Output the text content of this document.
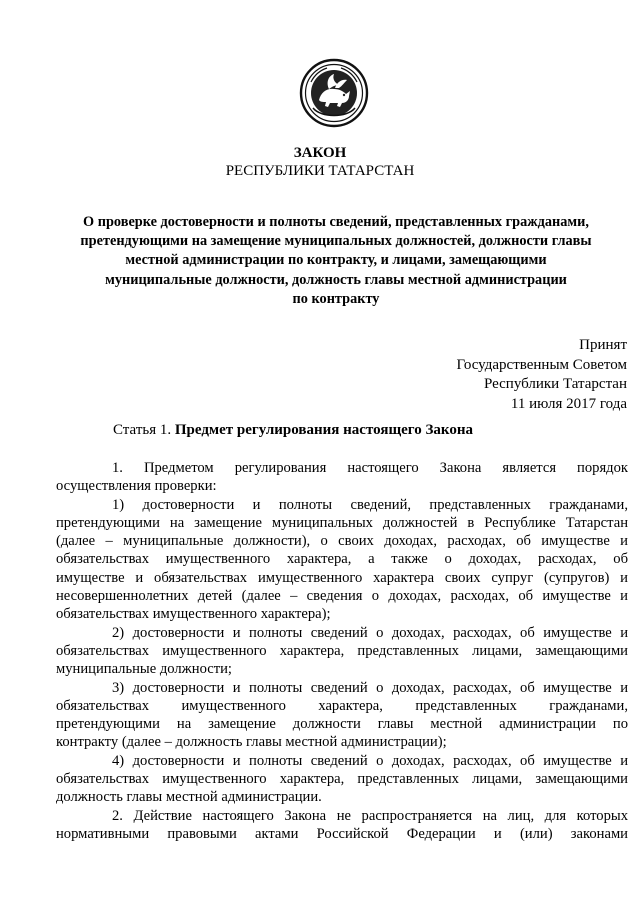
ЗАКОН
РЕСПУБЛИКИ ТАТАРСТАН
О проверке достоверности и полноты сведений, представленных гражданами,
претендующими на замещение муниципальных должностей, должности главы
местной администрации по контракту, и лицами, замещающими
муниципальные должности, должность главы местной администрации
по контракту
Принят
Государственным Советом
Республики Татарстан
11 июля 2017 года
Статья 1. Предмет регулирования настоящего Закона
1. Предметом регулирования настоящего Закона является порядок
осуществления проверки:
1) достоверности и полноты сведений, представленных гражданами,
претендующими на замещение муниципальных должностей в Республике Татарстан
(далее – муниципальные должности), о своих доходах, расходах, об имуществе и
обязательствах имущественного характера, а также о доходах, расходах, об
имуществе и обязательствах имущественного характера своих супруг (супругов) и
несовершеннолетних детей (далее – сведения о доходах, расходах, об имуществе и
обязательствах имущественного характера);
2) достоверности и полноты сведений о доходах, расходах, об имуществе и
обязательствах имущественного характера, представленных лицами, замещающими
муниципальные должности;
3) достоверности и полноты сведений о доходах, расходах, об имуществе и
обязательствах имущественного характера, представленных гражданами,
претендующими на замещение должности главы местной администрации по
контракту (далее – должность главы местной администрации);
4) достоверности и полноты сведений о доходах, расходах, об имуществе и
обязательствах имущественного характера, представленных лицами, замещающими
должность главы местной администрации.
2. Действие настоящего Закона не распространяется на лиц, для которых
нормативными правовыми актами Российской Федерации и (или) законами
